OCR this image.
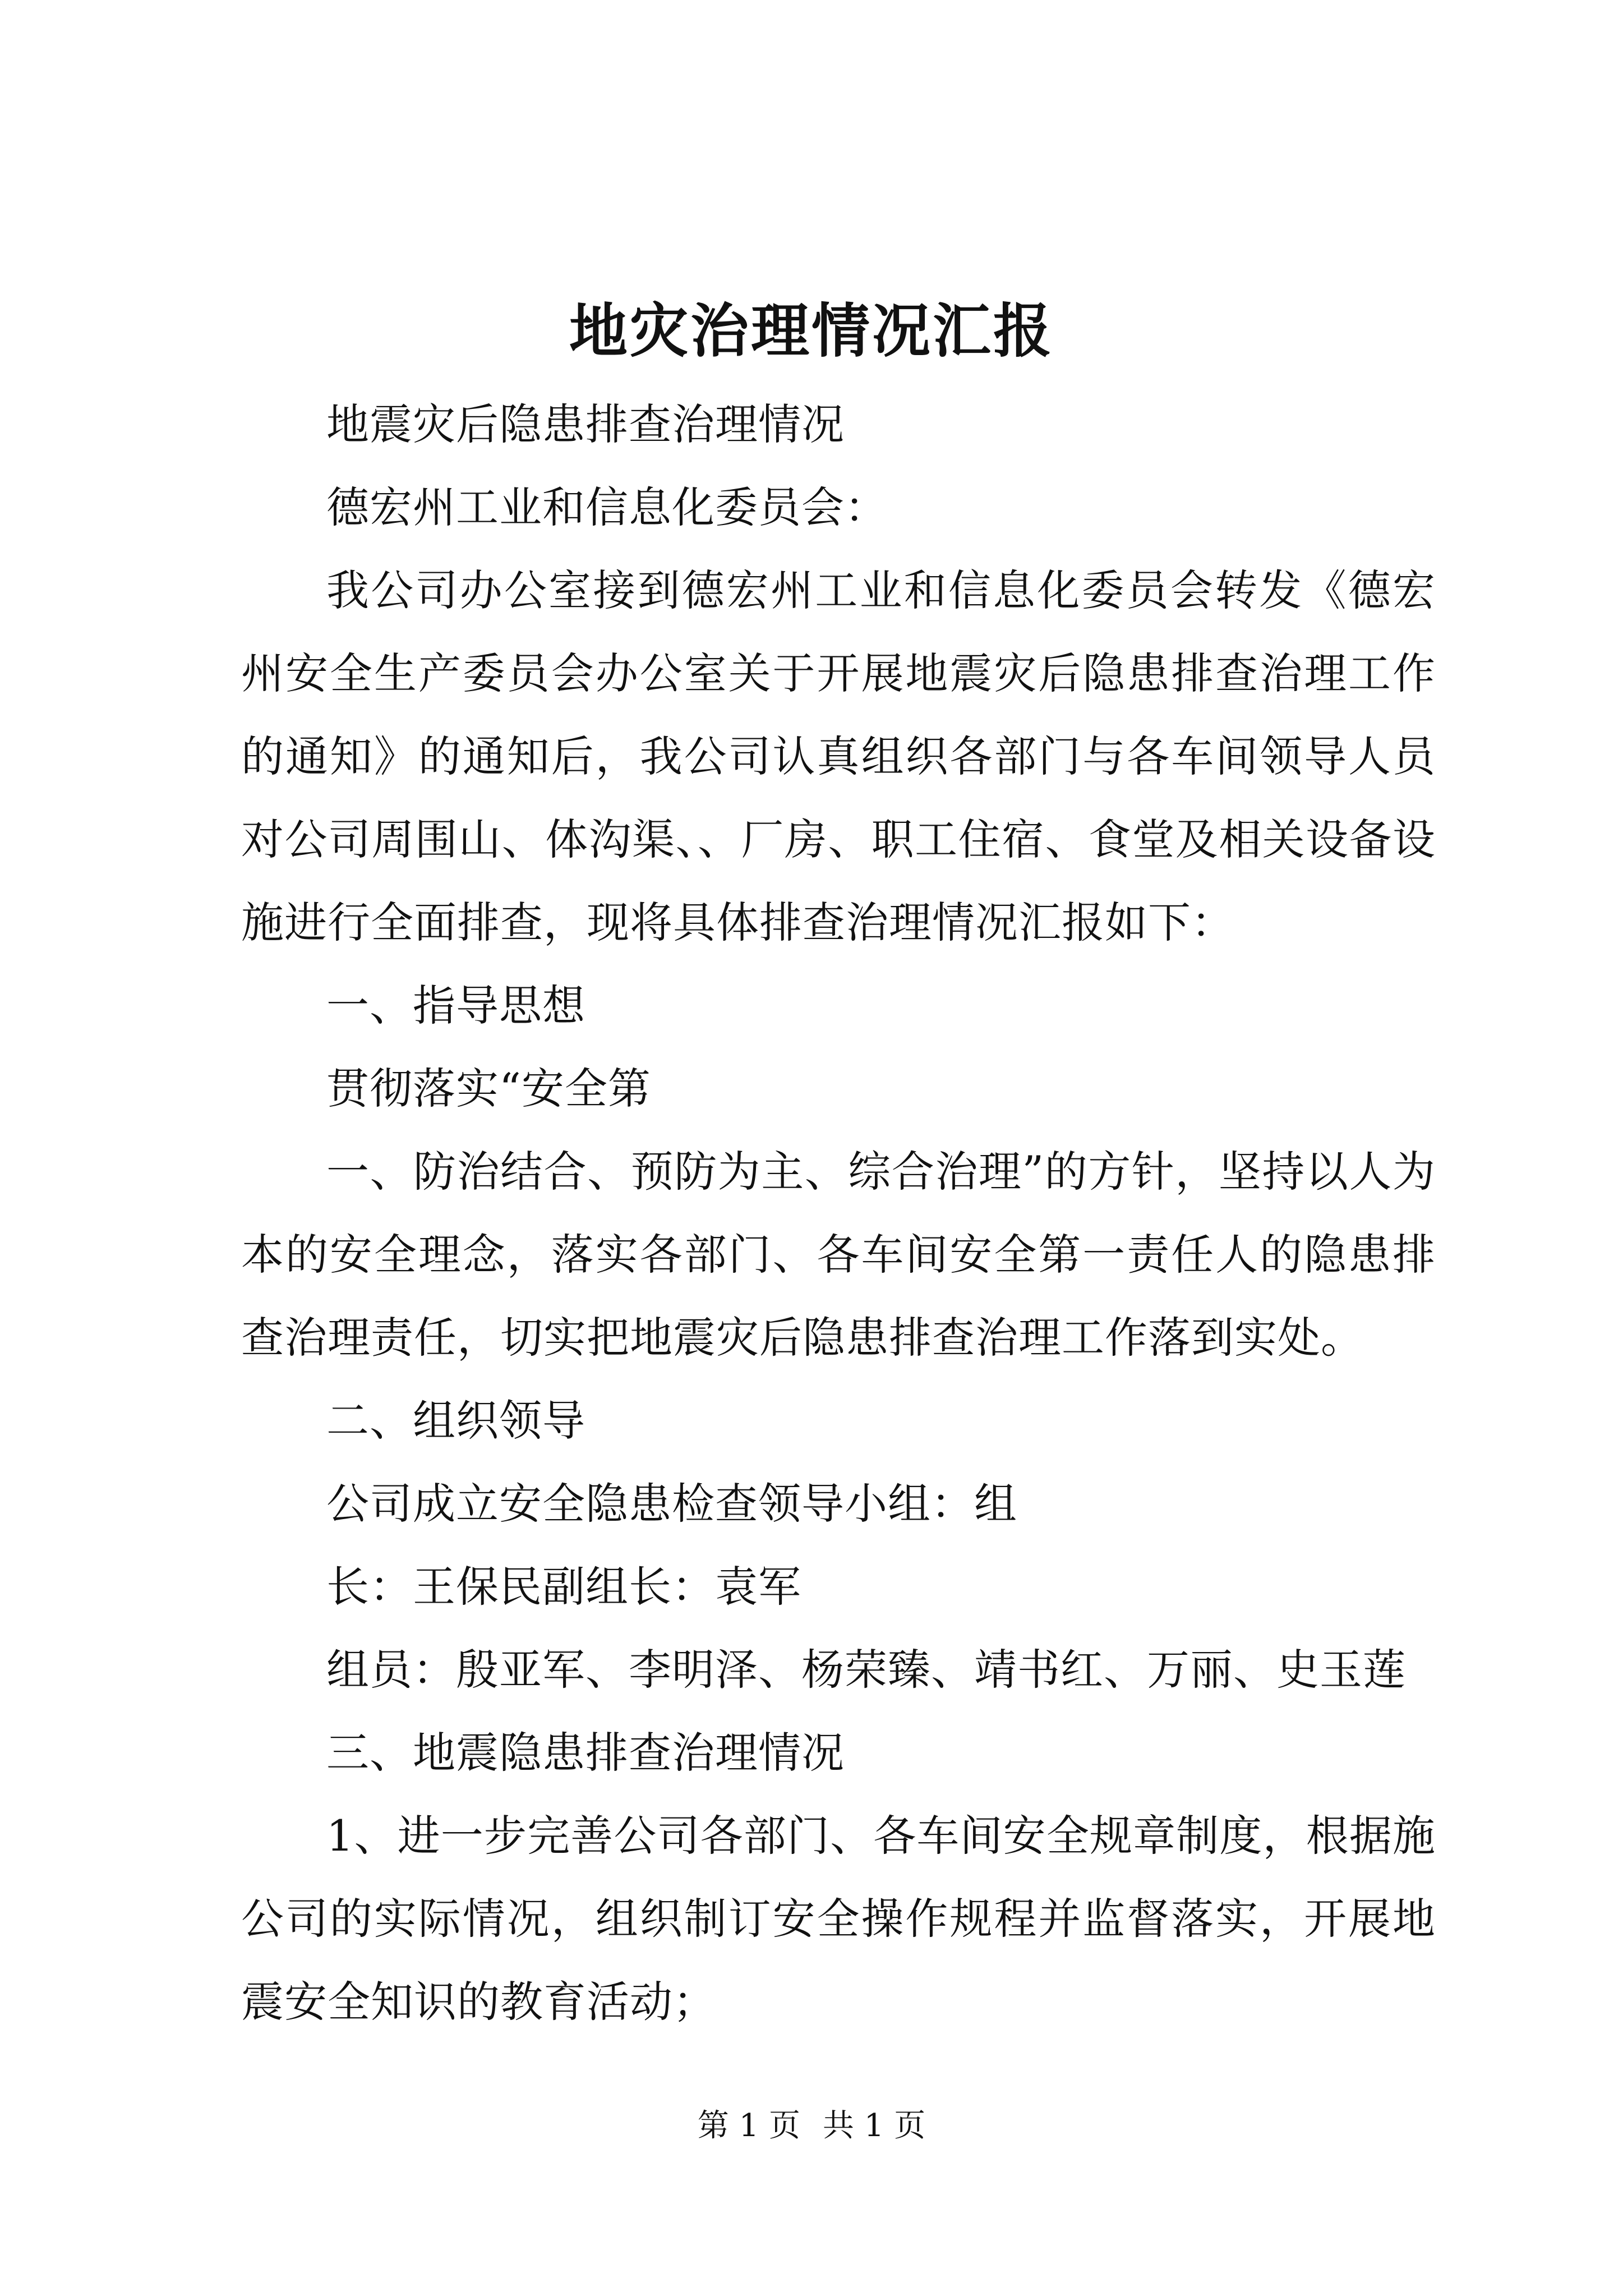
地灾治理情况汇报

地震灾后隐患排查治理情况

德宏州工业和信息化委员会：

我公司办公室接到德宏州工业和信息化委员会转发《德宏州安全生产委员会办公室关于开展地震灾后隐患排查治理工作的通知》的通知后，我公司认真组织各部门与各车间领导人员对公司周围山、体沟渠、、厂房、职工住宿、食堂及相关设备设施进行全面排查，现将具体排查治理情况汇报如下：

一、指导思想

贯彻落实“安全第

一、防治结合、预防为主、综合治理”的方针，坚持以人为本的安全理念，落实各部门、各车间安全第一责任人的隐患排查治理责任，切实把地震灾后隐患排查治理工作落到实处。

二、组织领导

公司成立安全隐患检查领导小组：组

长：王保民副组长：袁军

组员：殷亚军、李明泽、杨荣臻、靖书红、万丽、史玉莲

三、地震隐患排查治理情况

1、进一步完善公司各部门、各车间安全规章制度，根据施公司的实际情况，组织制订安全操作规程并监督落实，开展地震安全知识的教育活动；

第 1 页 共 1 页
